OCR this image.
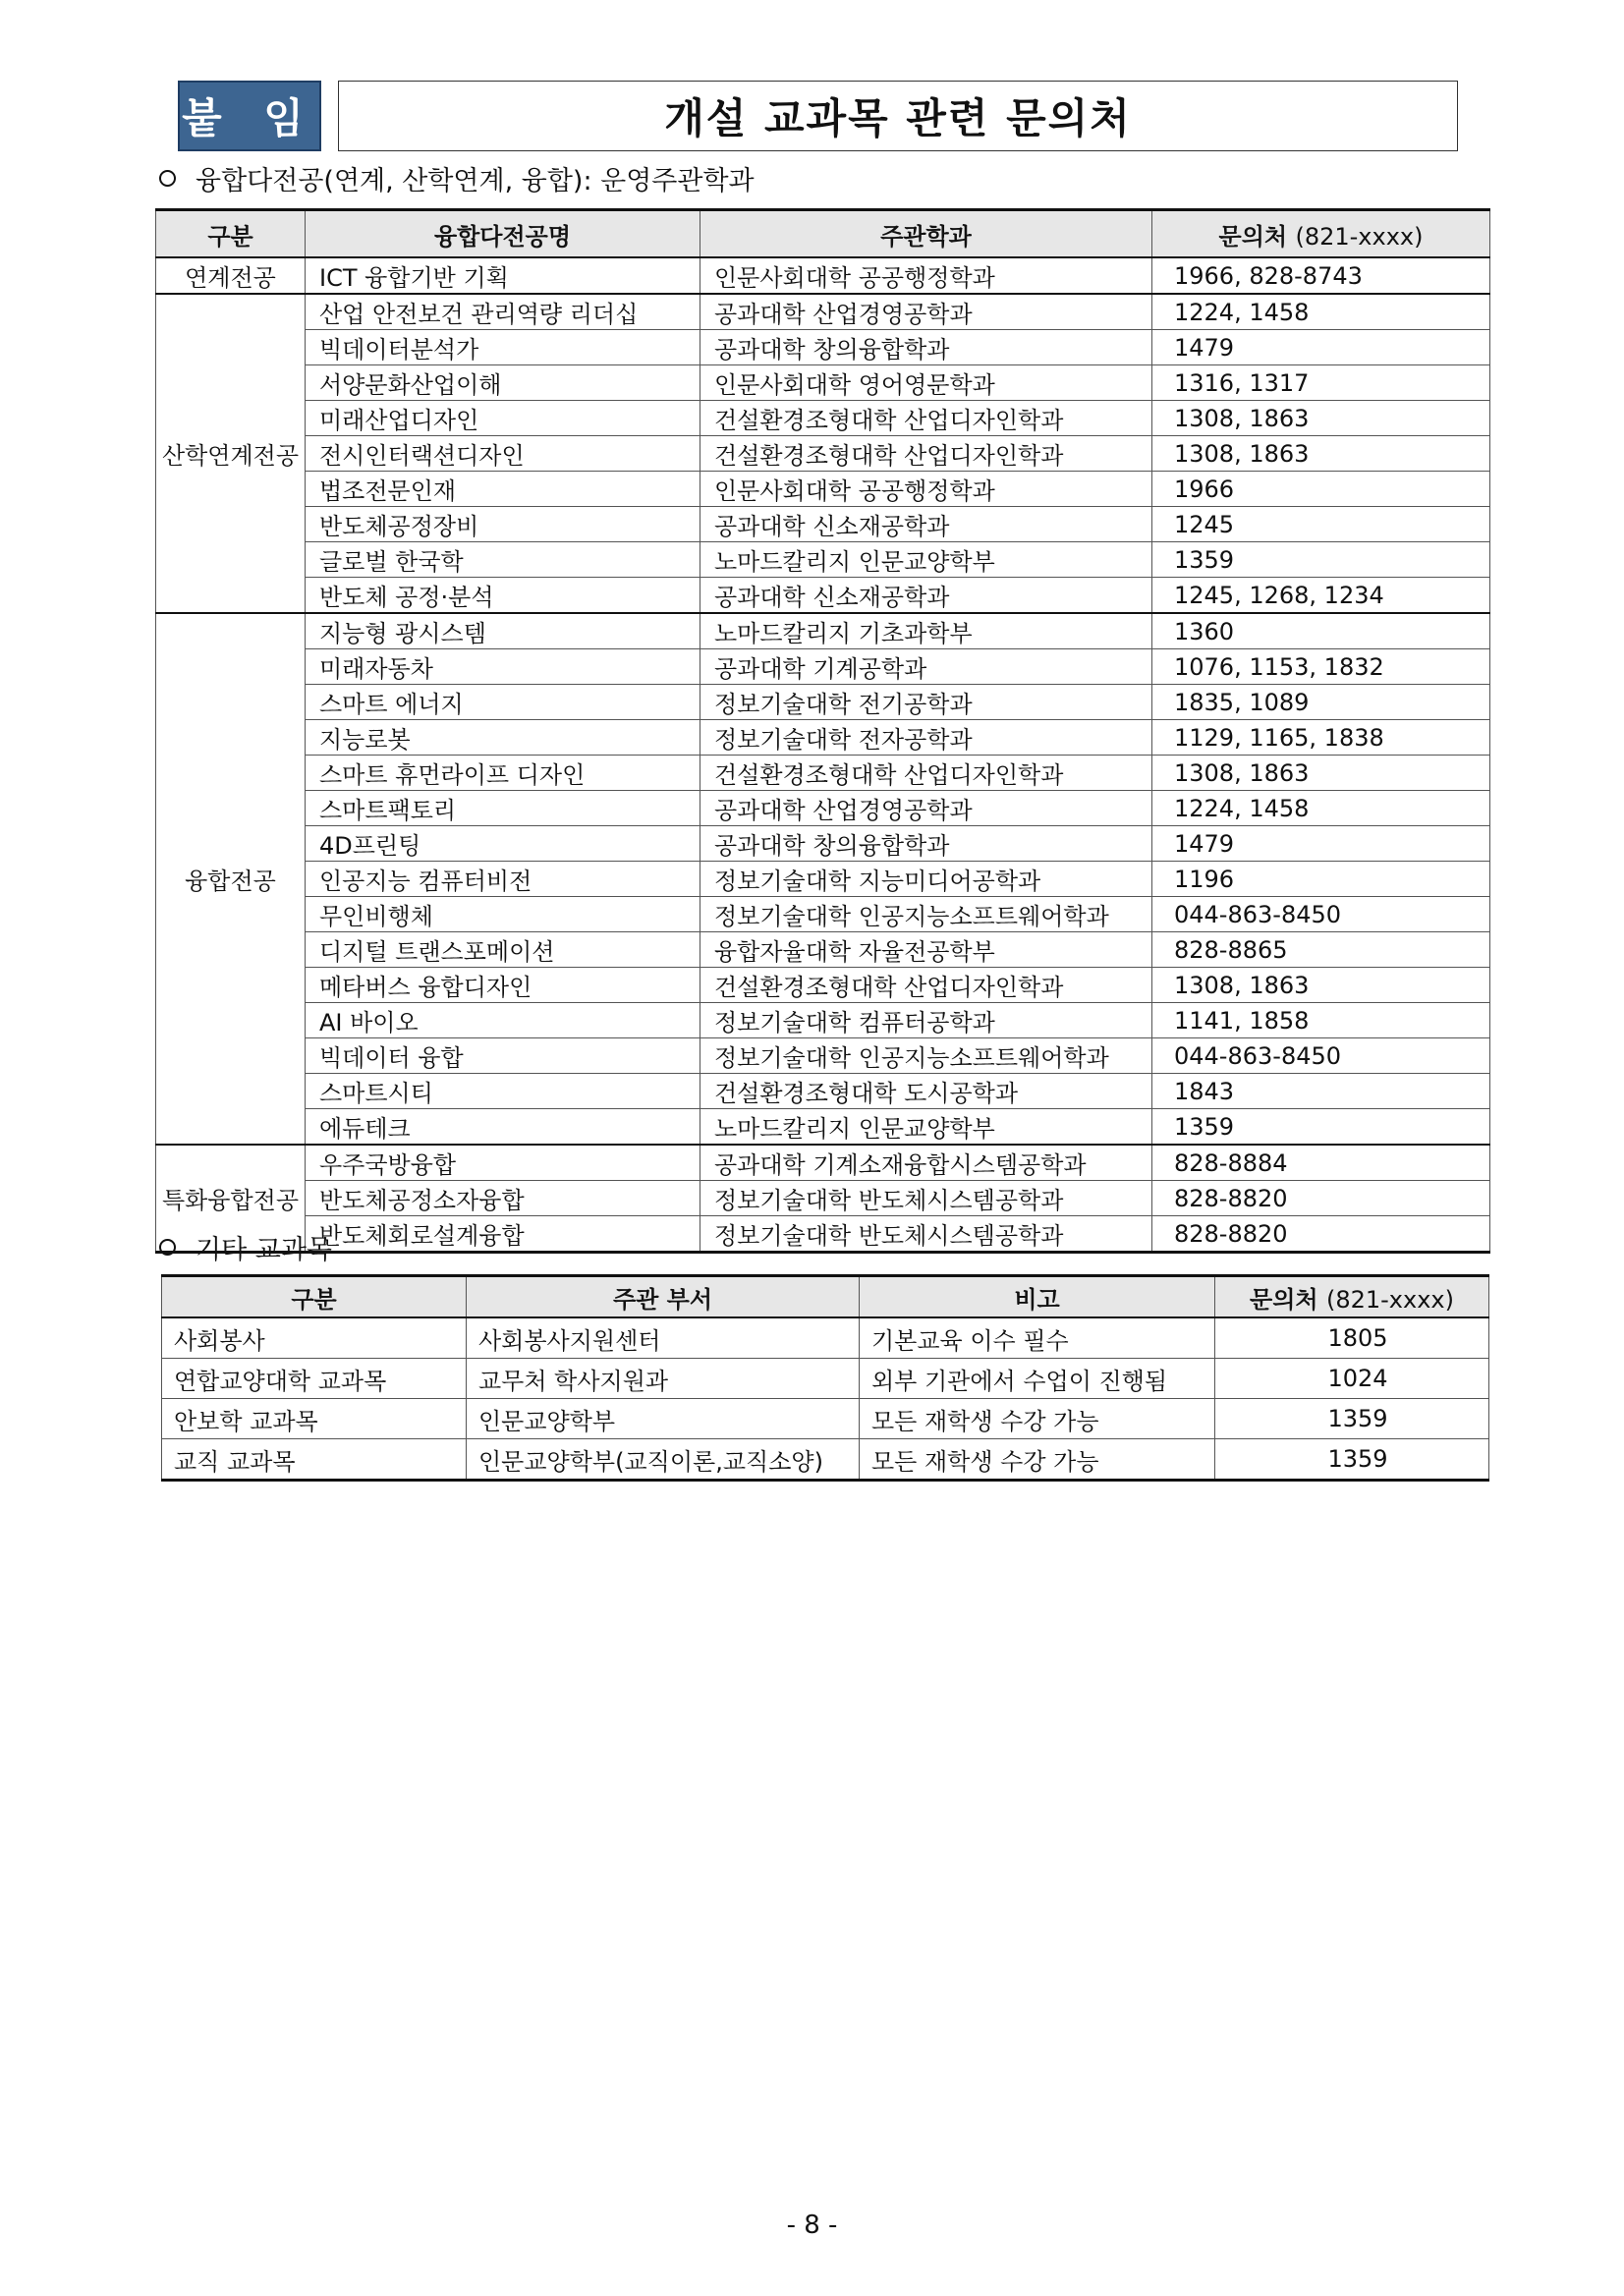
붙 임	개설 교과목 관련 문의처
융합다전공(연계, 산학연계, 융합): 운영주관학과
구분	융합다전공명	주관학과	문의처 (821-xxxx)
연계전공	ICT 융합기반 기획	인문사회대학 공공행정학과	1966, 828-8743
산학연계전공	산업 안전보건 관리역량 리더십	공과대학 산업경영공학과	1224, 1458
	빅데이터분석가	공과대학 창의융합학과	1479
	서양문화산업이해	인문사회대학 영어영문학과	1316, 1317
	미래산업디자인	건설환경조형대학 산업디자인학과	1308, 1863
	전시인터랙션디자인	건설환경조형대학 산업디자인학과	1308, 1863
	법조전문인재	인문사회대학 공공행정학과	1966
	반도체공정장비	공과대학 신소재공학과	1245
	글로벌 한국학	노마드칼리지 인문교양학부	1359
	반도체 공정·분석	공과대학 신소재공학과	1245, 1268, 1234
융합전공	지능형 광시스템	노마드칼리지 기초과학부	1360
	미래자동차	공과대학 기계공학과	1076, 1153, 1832
	스마트 에너지	정보기술대학 전기공학과	1835, 1089
	지능로봇	정보기술대학 전자공학과	1129, 1165, 1838
	스마트 휴먼라이프 디자인	건설환경조형대학 산업디자인학과	1308, 1863
	스마트팩토리	공과대학 산업경영공학과	1224, 1458
	4D프린팅	공과대학 창의융합학과	1479
	인공지능 컴퓨터비전	정보기술대학 지능미디어공학과	1196
	무인비행체	정보기술대학 인공지능소프트웨어학과	044-863-8450
	디지털 트랜스포메이션	융합자율대학 자율전공학부	828-8865
	메타버스 융합디자인	건설환경조형대학 산업디자인학과	1308, 1863
	AI 바이오	정보기술대학 컴퓨터공학과	1141, 1858
	빅데이터 융합	정보기술대학 인공지능소프트웨어학과	044-863-8450
	스마트시티	건설환경조형대학 도시공학과	1843
	에듀테크	노마드칼리지 인문교양학부	1359
특화융합전공	우주국방융합	공과대학 기계소재융합시스템공학과	828-8884
	반도체공정소자융합	정보기술대학 반도체시스템공학과	828-8820
	반도체회로설계융합	정보기술대학 반도체시스템공학과	828-8820
기타 교과목
구분	주관 부서	비고	문의처 (821-xxxx)
사회봉사	사회봉사지원센터	기본교육 이수 필수	1805
연합교양대학 교과목	교무처 학사지원과	외부 기관에서 수업이 진행됨	1024
안보학 교과목	인문교양학부	모든 재학생 수강 가능	1359
교직 교과목	인문교양학부(교직이론,교직소양)	모든 재학생 수강 가능	1359
- 8 -
